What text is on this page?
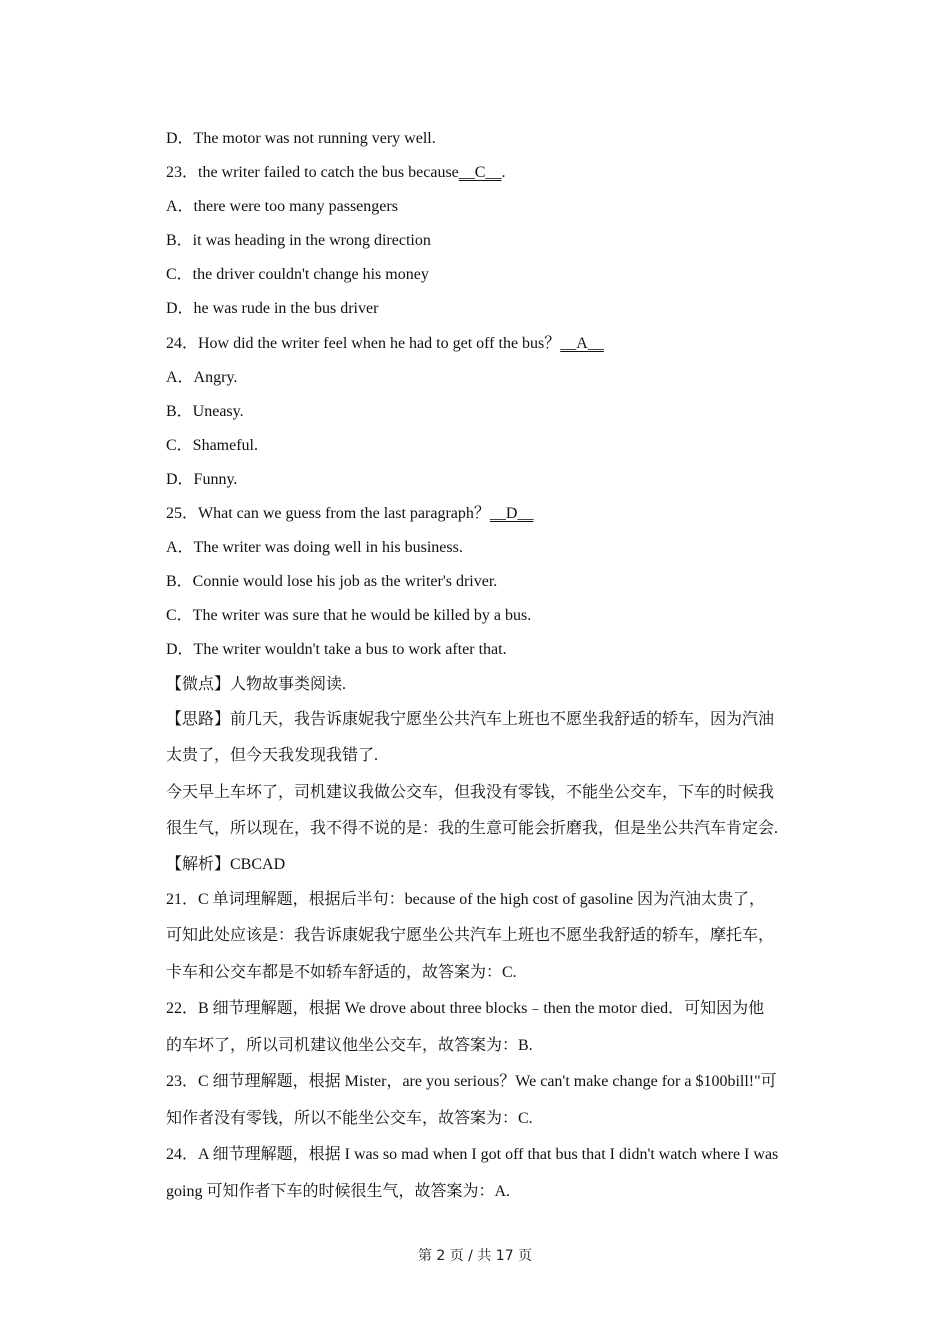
D．The motor was not running very well.
23．the writer failed to catch the bus because__C__.
A．there were too many passengers
B．it was heading in the wrong direction
C．the driver couldn't change his money
D．he was rude in the bus driver
24．How did the writer feel when he had to get off the bus？__A__
A．Angry.
B．Uneasy.
C．Shameful.
D．Funny.
25．What can we guess from the last paragraph？__D__
A．The writer was doing well in his business.
B．Connie would lose his job as the writer's driver.
C．The writer was sure that he would be killed by a bus.
D．The writer wouldn't take a bus to work after that.
【微点】人物故事类阅读.
【思路】前几天，我告诉康妮我宁愿坐公共汽车上班也不愿坐我舒适的轿车，因为汽油
太贵了，但今天我发现我错了.
今天早上车坏了，司机建议我做公交车，但我没有零钱，不能坐公交车，下车的时候我
很生气，所以现在，我不得不说的是：我的生意可能会折磨我，但是坐公共汽车肯定会.
【解析】CBCAD
21．C 单词理解题，根据后半句：because of the high cost of gasoline 因为汽油太贵了，
可知此处应该是：我告诉康妮我宁愿坐公共汽车上班也不愿坐我舒适的轿车，摩托车，
卡车和公交车都是不如轿车舒适的，故答案为：C.
22．B 细节理解题，根据 We drove about three blocks﹣then the motor died．可知因为他
的车坏了，所以司机建议他坐公交车，故答案为：B.
23．C 细节理解题，根据 Mister，are you serious？We can't make change for a $100bill!"可
知作者没有零钱，所以不能坐公交车，故答案为：C.
24．A 细节理解题，根据 I was so mad when I got off that bus that I didn't watch where I was
going 可知作者下车的时候很生气，故答案为：A.
第 2 页 / 共 17 页
